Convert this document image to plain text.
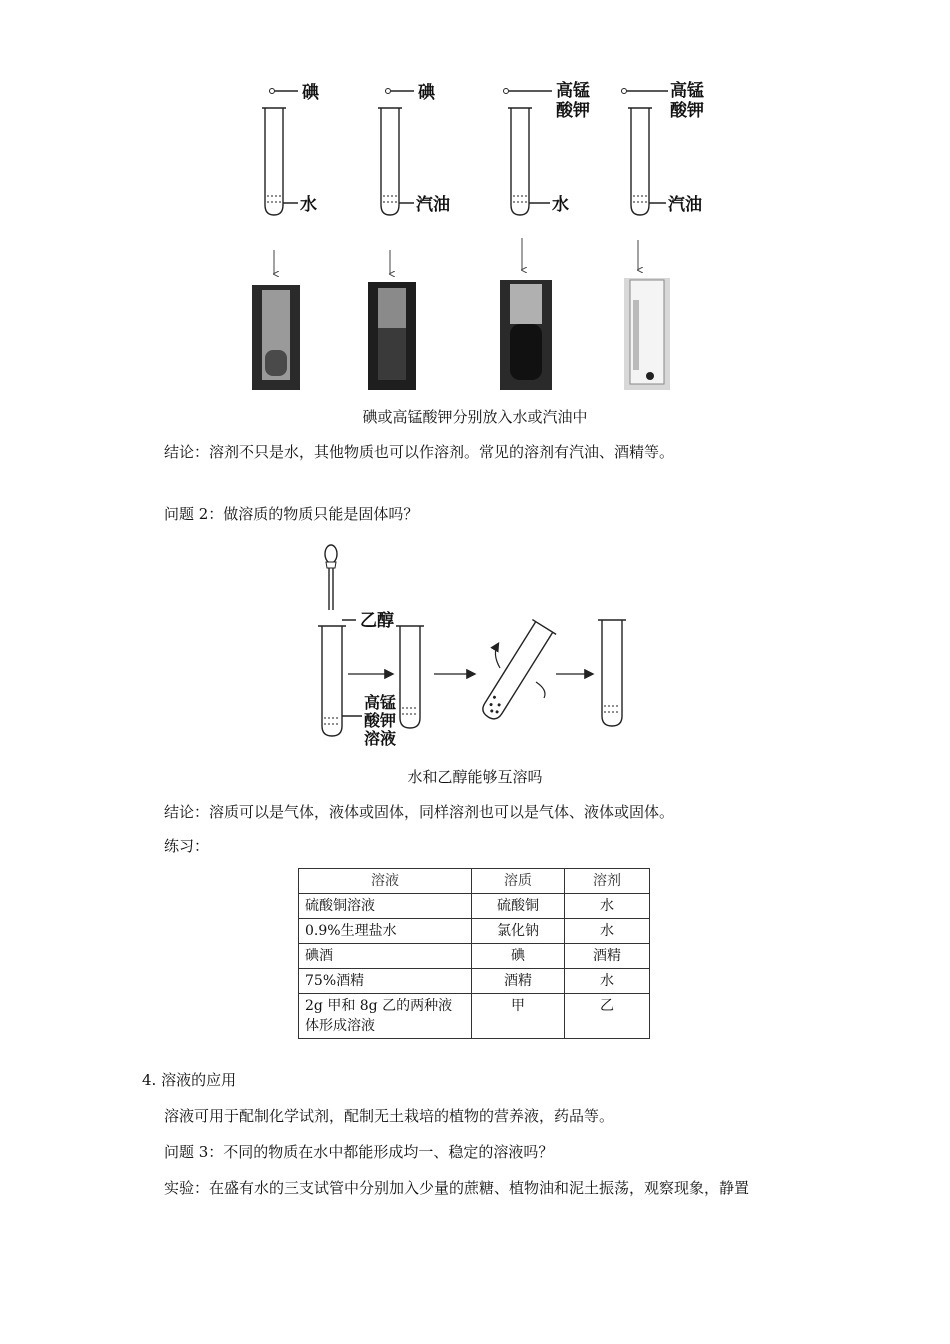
碘
水
碘
汽油
高锰
酸钾
水
高锰
酸钾
汽油
碘或高锰酸钾分别放入水或汽油中
结论：溶剂不只是水，其他物质也可以作溶剂。常见的溶剂有汽油、酒精等。
问题 2：做溶质的物质只能是固体吗？
乙醇
高锰
酸钾
溶液
水和乙醇能够互溶吗
结论：溶质可以是气体，液体或固体，同样溶剂也可以是气体、液体或固体。
练习：
溶液	溶质	溶剂
硫酸铜溶液	硫酸铜	水
0.9%生理盐水	氯化钠	水
碘酒	碘	酒精
75%酒精	酒精	水
2g 甲和 8g 乙的两种液体形成溶液	甲	乙
4. 溶液的应用
溶液可用于配制化学试剂，配制无土栽培的植物的营养液，药品等。
问题 3：不同的物质在水中都能形成均一、稳定的溶液吗？
实验：在盛有水的三支试管中分别加入少量的蔗糖、植物油和泥土振荡，观察现象，静置
